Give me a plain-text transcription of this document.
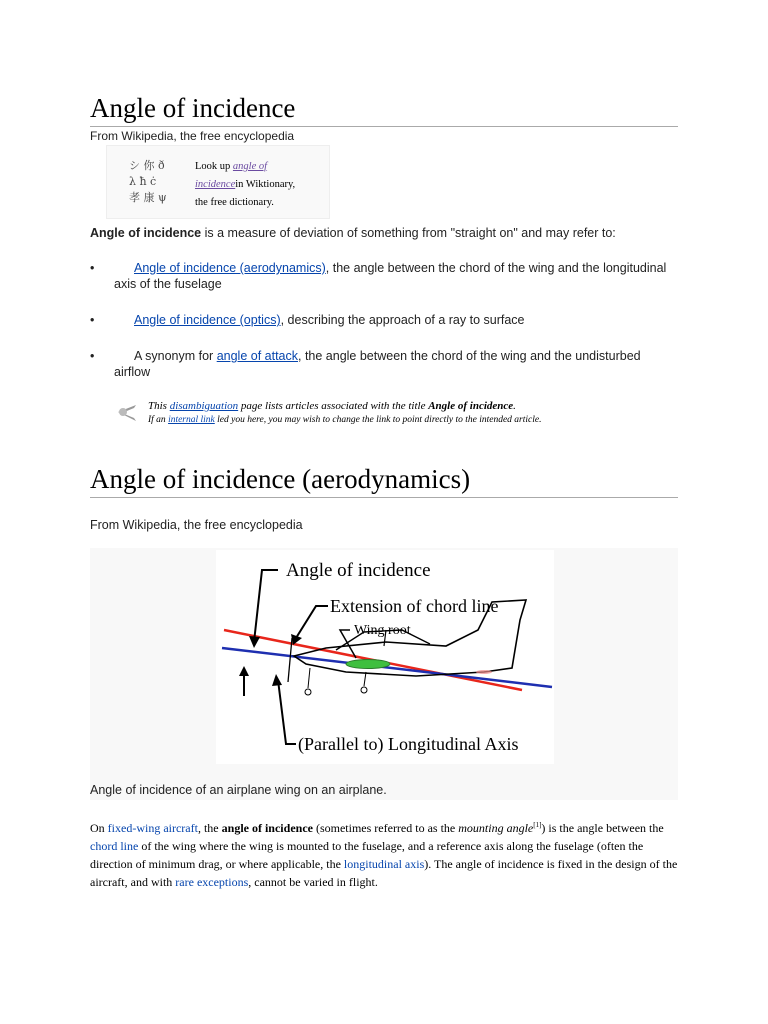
Angle of incidence
From Wikipedia, the free encyclopedia
シ 你 ð
λ ħ ċ
孝 康 ψ
Look up angle of
incidencein Wiktionary,
the free dictionary.
Angle of incidence is a measure of deviation of something from "straight on" and may refer to:
•	Angle of incidence (aerodynamics), the angle between the chord of the wing and the longitudinal axis of the fuselage
•	Angle of incidence (optics), describing the approach of a ray to surface
•	A synonym for angle of attack, the angle between the chord of the wing and the undisturbed airflow
This disambiguation page lists articles associated with the title Angle of incidence.
If an internal link led you here, you may wish to change the link to point directly to the intended article.
Angle of incidence (aerodynamics)
From Wikipedia, the free encyclopedia
Angle of incidence
Extension of chord line
Wing root
(Parallel to) Longitudinal Axis
Angle of incidence of an airplane wing on an airplane.
On fixed-wing aircraft, the angle of incidence (sometimes referred to as the mounting angle[1]) is the angle between the chord line of the wing where the wing is mounted to the fuselage, and a reference axis along the fuselage (often the direction of minimum drag, or where applicable, the longitudinal axis). The angle of incidence is fixed in the design of the aircraft, and with rare exceptions, cannot be varied in flight.
